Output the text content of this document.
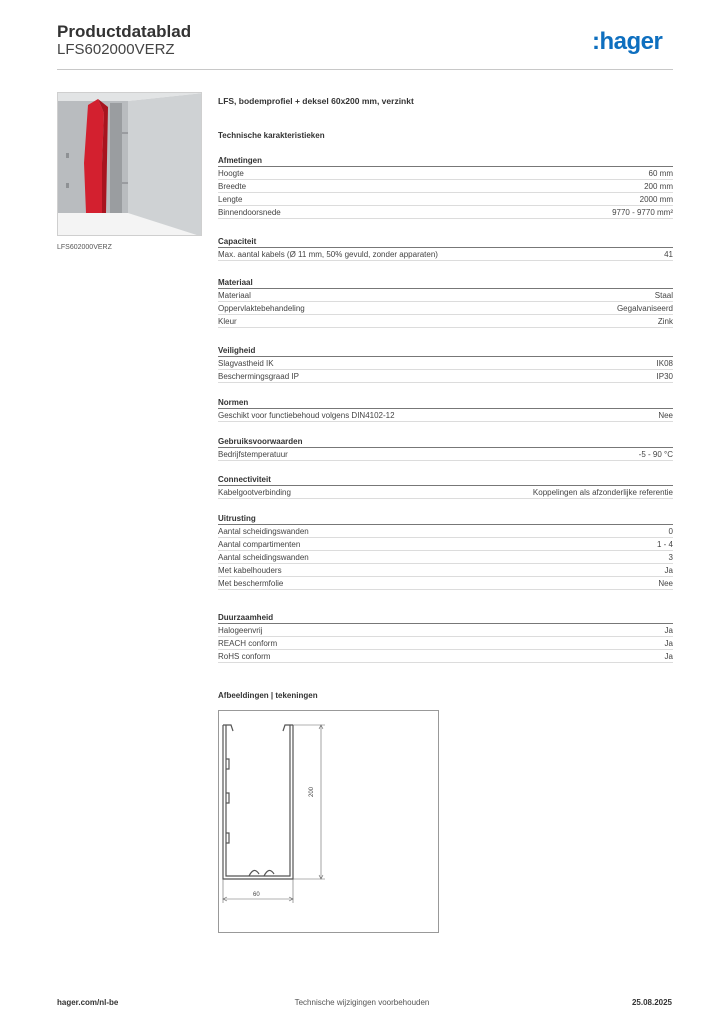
Productdatablad
LFS602000VERZ	:hager
LFS602000VERZ
LFS, bodemprofiel + deksel 60x200 mm, verzinkt
Technische karakteristieken
Afmetingen
Hoogte	60 mm
Breedte	200 mm
Lengte	2000 mm
Binnendoorsnede	9770 - 9770 mm²
Capaciteit
Max. aantal kabels (Ø 11 mm, 50% gevuld, zonder apparaten)	41
Materiaal
Materiaal	Staal
Oppervlaktebehandeling	Gegalvaniseerd
Kleur	Zink
Veiligheid
Slagvastheid IK	IK08
Beschermingsgraad IP	IP30
Normen
Geschikt voor functiebehoud volgens DIN4102-12	Nee
Gebruiksvoorwaarden
Bedrijfstemperatuur	-5 - 90 °C
Connectiviteit
Kabelgootverbinding	Koppelingen als afzonderlijke referentie
Uitrusting
Aantal scheidingswanden	0
Aantal compartimenten	1 - 4
Aantal scheidingswanden	3
Met kabelhouders	Ja
Met beschermfolie	Nee
Duurzaamheid
Halogeenvrij	Ja
REACH conform	Ja
RoHS conform	Ja
Afbeeldingen | tekeningen
200
60
hager.com/nl-be	Technische wijzigingen voorbehouden	25.08.2025
